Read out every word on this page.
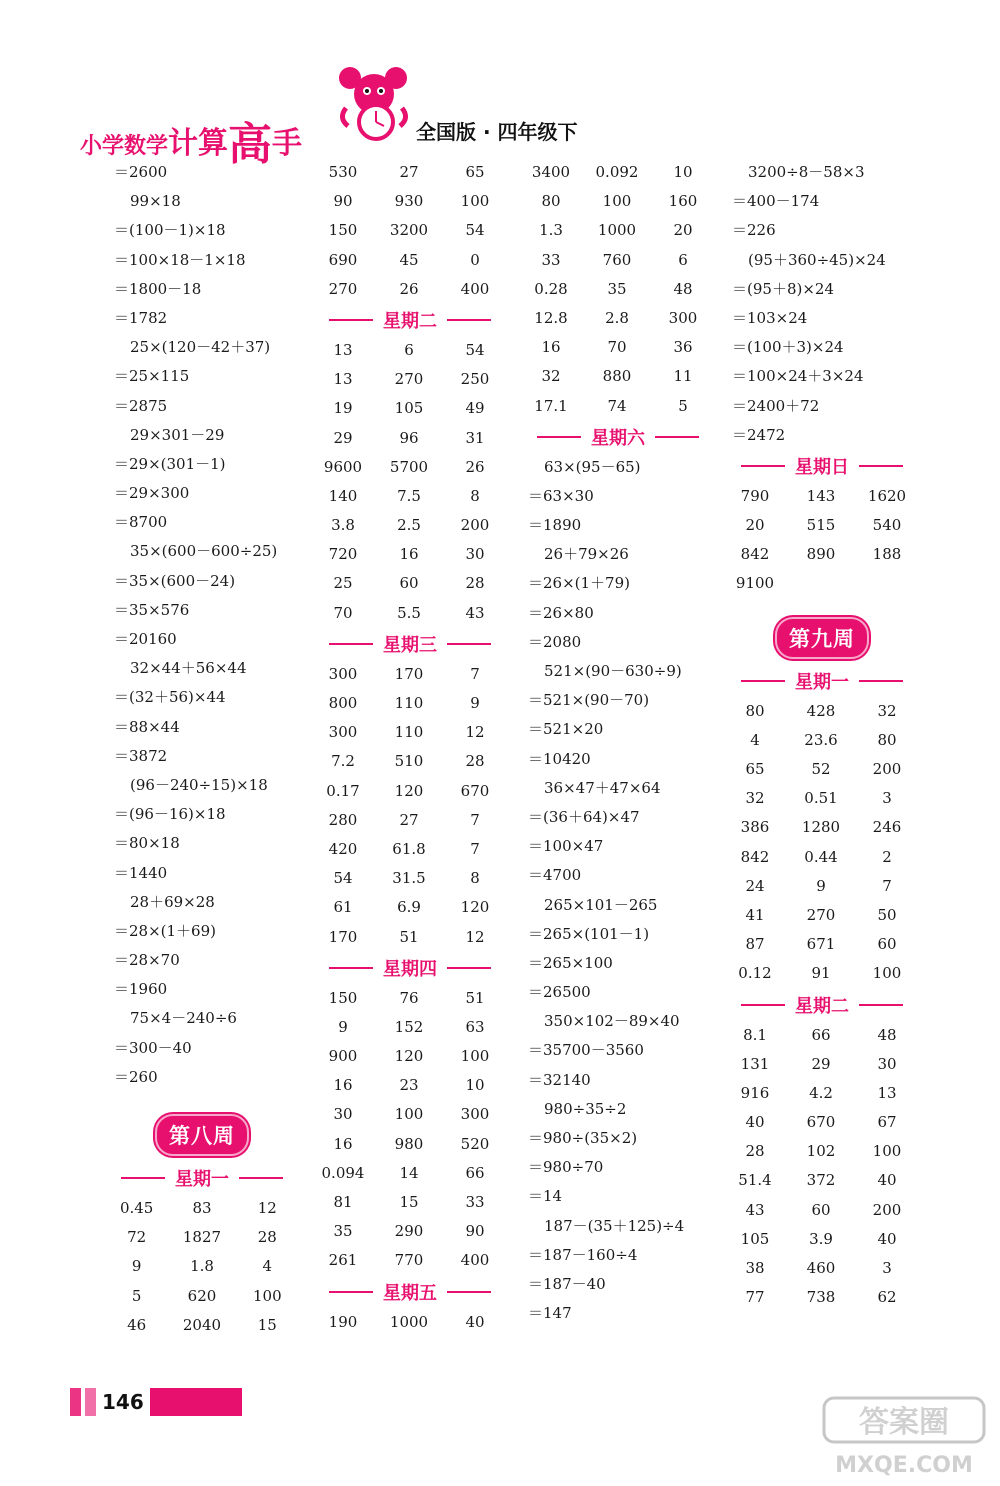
小学数学计算高手	全国版 · 四年级下
＝2600
99×18
＝(100－1)×18
＝100×18－1×18
＝1800－18
＝1782
25×(120－42＋37)
＝25×115
＝2875
29×301－29
＝29×(301－1)
＝29×300
＝8700
35×(600－600÷25)
＝35×(600－24)
＝35×576
＝20160
32×44＋56×44
＝(32＋56)×44
＝88×44
＝3872
(96－240÷15)×18
＝(96－16)×18
＝80×18
＝1440
28＋69×28
＝28×(1＋69)
＝28×70
＝1960
75×4－240÷6
＝300－40
＝260
第八周
星期一
0.45	83	12
72	1827	28
9	1.8	4
5	620	100
46	2040	15
530	27	65
90	930	100
150	3200	54
690	45	0
270	26	400
星期二
13	6	54
13	270	250
19	105	49
29	96	31
9600	5700	26
140	7.5	8
3.8	2.5	200
720	16	30
25	60	28
70	5.5	43
星期三
300	170	7
800	110	9
300	110	12
7.2	510	28
0.17	120	670
280	27	7
420	61.8	7
54	31.5	8
61	6.9	120
170	51	12
星期四
150	76	51
9	152	63
900	120	100
16	23	10
30	100	300
16	980	520
0.094	14	66
81	15	33
35	290	90
261	770	400
星期五
190	1000	40
3400	0.092	10
80	100	160
1.3	1000	20
33	760	6
0.28	35	48
12.8	2.8	300
16	70	36
32	880	11
17.1	74	5
星期六
63×(95－65)
＝63×30
＝1890
26＋79×26
＝26×(1＋79)
＝26×80
＝2080
521×(90－630÷9)
＝521×(90－70)
＝521×20
＝10420
36×47＋47×64
＝(36＋64)×47
＝100×47
＝4700
265×101－265
＝265×(101－1)
＝265×100
＝26500
350×102－89×40
＝35700－3560
＝32140
980÷35÷2
＝980÷(35×2)
＝980÷70
＝14
187－(35＋125)÷4
＝187－160÷4
＝187－40
＝147
3200÷8－58×3
＝400－174
＝226
(95＋360÷45)×24
＝(95＋8)×24
＝103×24
＝(100＋3)×24
＝100×24＋3×24
＝2400＋72
＝2472
星期日
790	143	1620
20	515	540
842	890	188
9100
第九周
星期一
80	428	32
4	23.6	80
65	52	200
32	0.51	3
386	1280	246
842	0.44	2
24	9	7
41	270	50
87	671	60
0.12	91	100
星期二
8.1	66	48
131	29	30
916	4.2	13
40	670	67
28	102	100
51.4	372	40
43	60	200
105	3.9	40
38	460	3
77	738	62
146
答案圈
MXQE.COM
